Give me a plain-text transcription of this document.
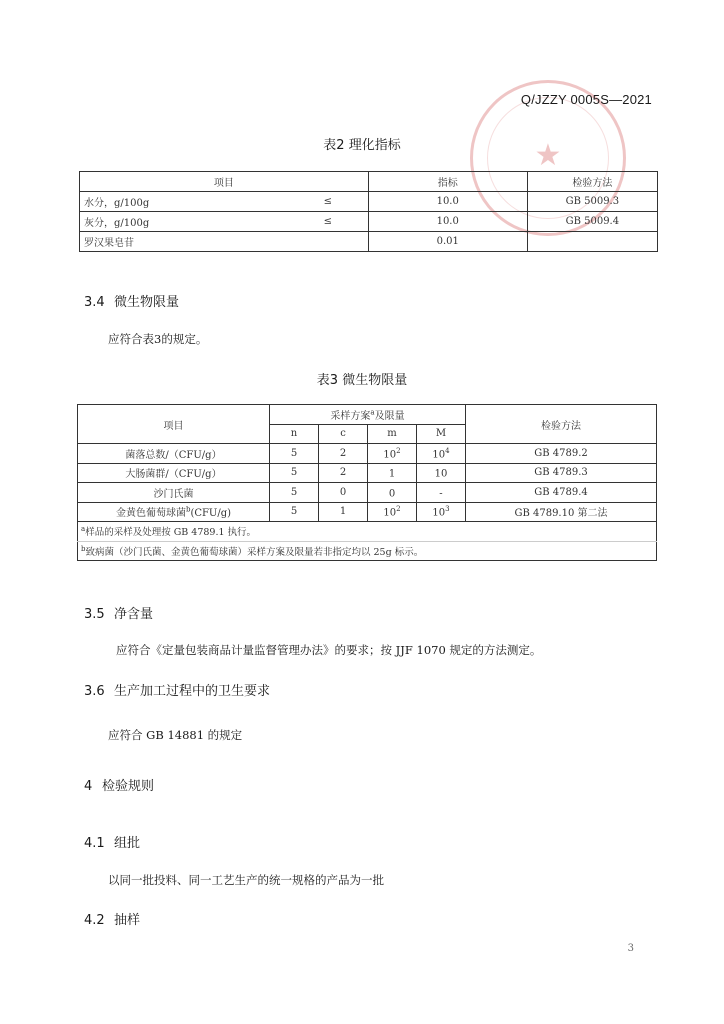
★
Q/JZZY 0005S—2021
表2 理化指标
项目		指标	检验方法
水分，g/100g	≤	10.0	GB 5009.3
灰分，g/100g	≤	10.0	GB 5009.4
罗汉果皂苷		0.01	
3.4 微生物限量
应符合表3的规定。
表3 微生物限量
项目	采样方案$^a$及限量				检验方法
	n	c	m	M	
菌落总数/（CFU/g）	5	2	$10^2$	$10^4$	GB 4789.2
大肠菌群/（CFU/g）	5	2	1	10	GB 4789.3
沙门氏菌	5	0	0	-	GB 4789.4
金黄色葡萄球菌$^b$(CFU/g)	5	1	$10^2$	$10^3$	GB 4789.10 第二法
$^a$样品的采样及处理按 GB 4789.1 执行。					
$^b$致病菌（沙门氏菌、金黄色葡萄球菌）采样方案及限量若非指定均以 25g 标示。					
3.5 净含量
应符合《定量包装商品计量监督管理办法》的要求；按 JJF 1070 规定的方法测定。
3.6 生产加工过程中的卫生要求
应符合 GB 14881 的规定
4 检验规则
4.1 组批
以同一批投料、同一工艺生产的统一规格的产品为一批
4.2 抽样
3
